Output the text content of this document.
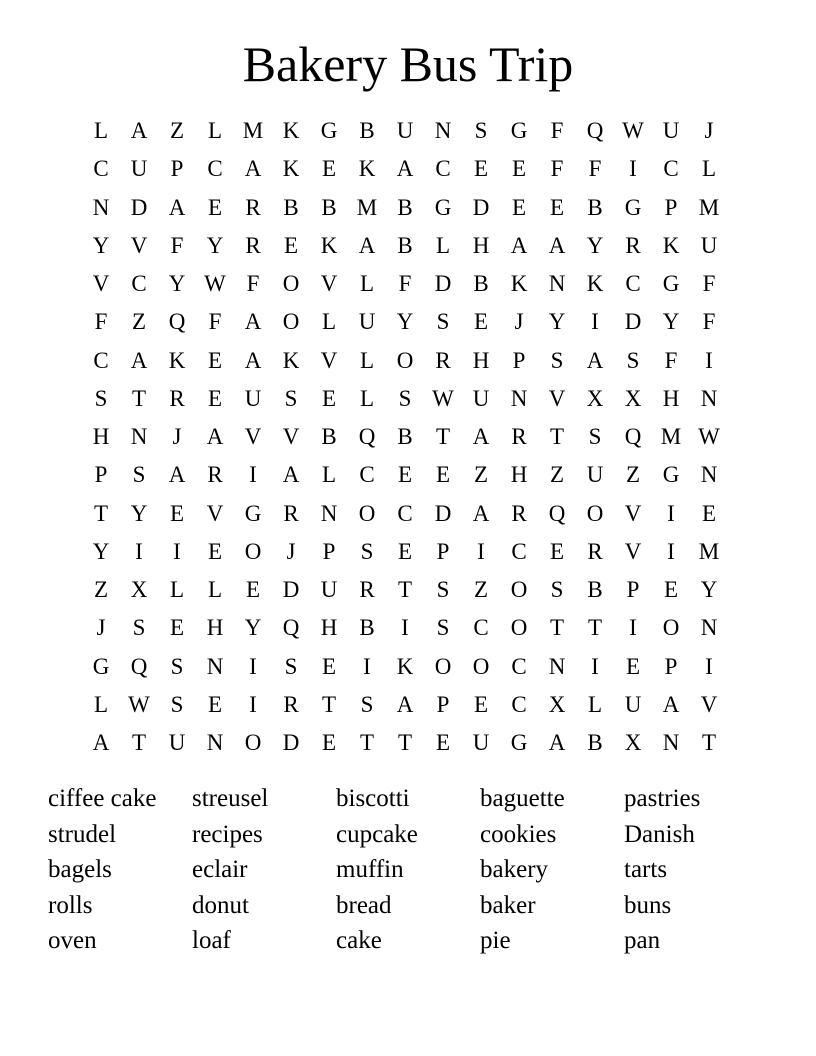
Bakery Bus Trip
L A Z	L M K G B U N	S	G	F	Q W U	J
C U	P	C A K E K A C	E	E	F	F	I	C	L
N D A E	R B B M B G D E	E	B G	P M
Y V	F	Y R	E K A B	L H A A Y R K U
V C Y W F	O V L	F	D B K N K C G	F
F	Z Q	F	A O L U Y	S	E	J	Y	I	D Y	F
C A K E A K V L O R H	P	S	A	S	F	I
S	T	R	E U	S	E	L	S W U N V X X H N
H N	J	A V V B Q B	T A R	T	S	Q M W
P	S	A R	I	A L	C	E	E	Z H Z U Z G N
T Y E V G R N O C D A R Q O V	I	E
Y	I	I	E O	J	P	S	E	P	I	C	E	R V	I	M
Z X L	L	E D U R	T	S	Z O	S	B	P	E Y
J	S	E H Y Q H B	I	S	C O T	T	I	O N
G Q	S	N	I	S	E	I	K O O C N	I	E	P	I
L W S	E	I	R	T	S	A	P	E	C X L U A V
A T U N O D E	T	T	E U G A B X N T
ciffee cake	streusel	biscotti	baguette	pastries
strudel	recipes	cupcake	cookies	Danish
bagels	eclair	muffin	bakery	tarts
rolls	donut	bread	baker	buns
oven	loaf	cake	pie	pan
